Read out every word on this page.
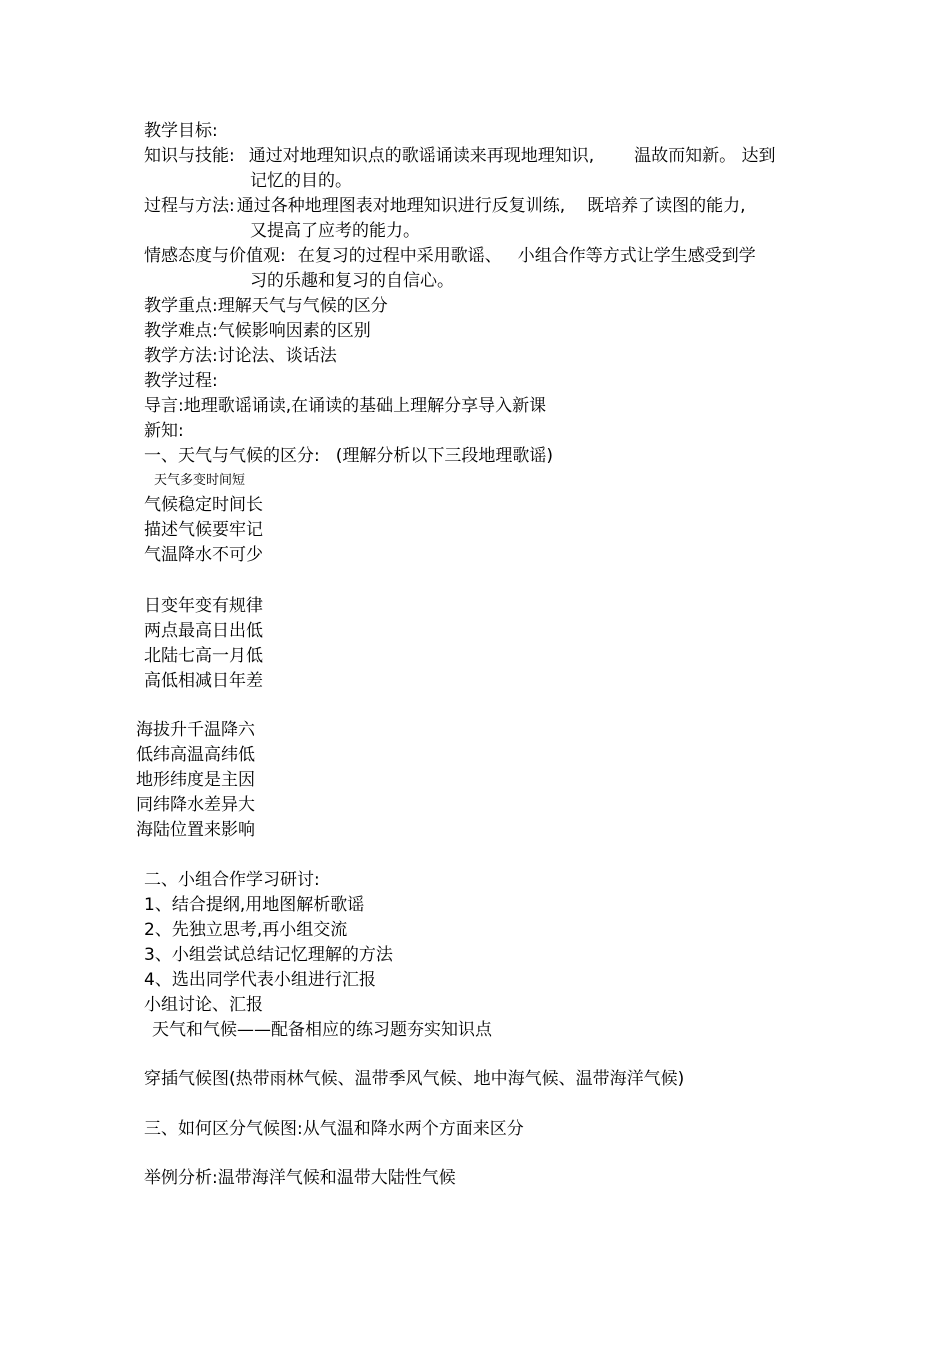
教学目标:
知识与技能: 通过对地理知识点的歌谣诵读来再现地理知识, 温故而知新。 达到
记忆的目的。
过程与方法: 通过各种地理图表对地理知识进行反复训练, 既培养了读图的能力,
又提高了应考的能力。
情感态度与价值观: 在复习的过程中采用歌谣、 小组合作等方式让学生感受到学
习的乐趣和复习的自信心。
教学重点:理解天气与气候的区分
教学难点:气候影响因素的区别
教学方法:讨论法、谈话法
教学过程:
导言:地理歌谣诵读,在诵读的基础上理解分享导入新课
新知:
一、天气与气候的区分: (理解分析以下三段地理歌谣)
天气多变时间短
气候稳定时间长
描述气候要牢记
气温降水不可少
日变年变有规律
两点最高日出低
北陆七高一月低
高低相减日年差
海拔升千温降六
低纬高温高纬低
地形纬度是主因
同纬降水差异大
海陆位置来影响
二、小组合作学习研讨:
1、结合提纲,用地图解析歌谣
2、先独立思考,再小组交流
3、小组尝试总结记忆理解的方法
4、选出同学代表小组进行汇报
小组讨论、汇报
天气和气候——配备相应的练习题夯实知识点
穿插气候图(热带雨林气候、温带季风气候、地中海气候、温带海洋气候)
三、如何区分气候图:从气温和降水两个方面来区分
举例分析:温带海洋气候和温带大陆性气候
